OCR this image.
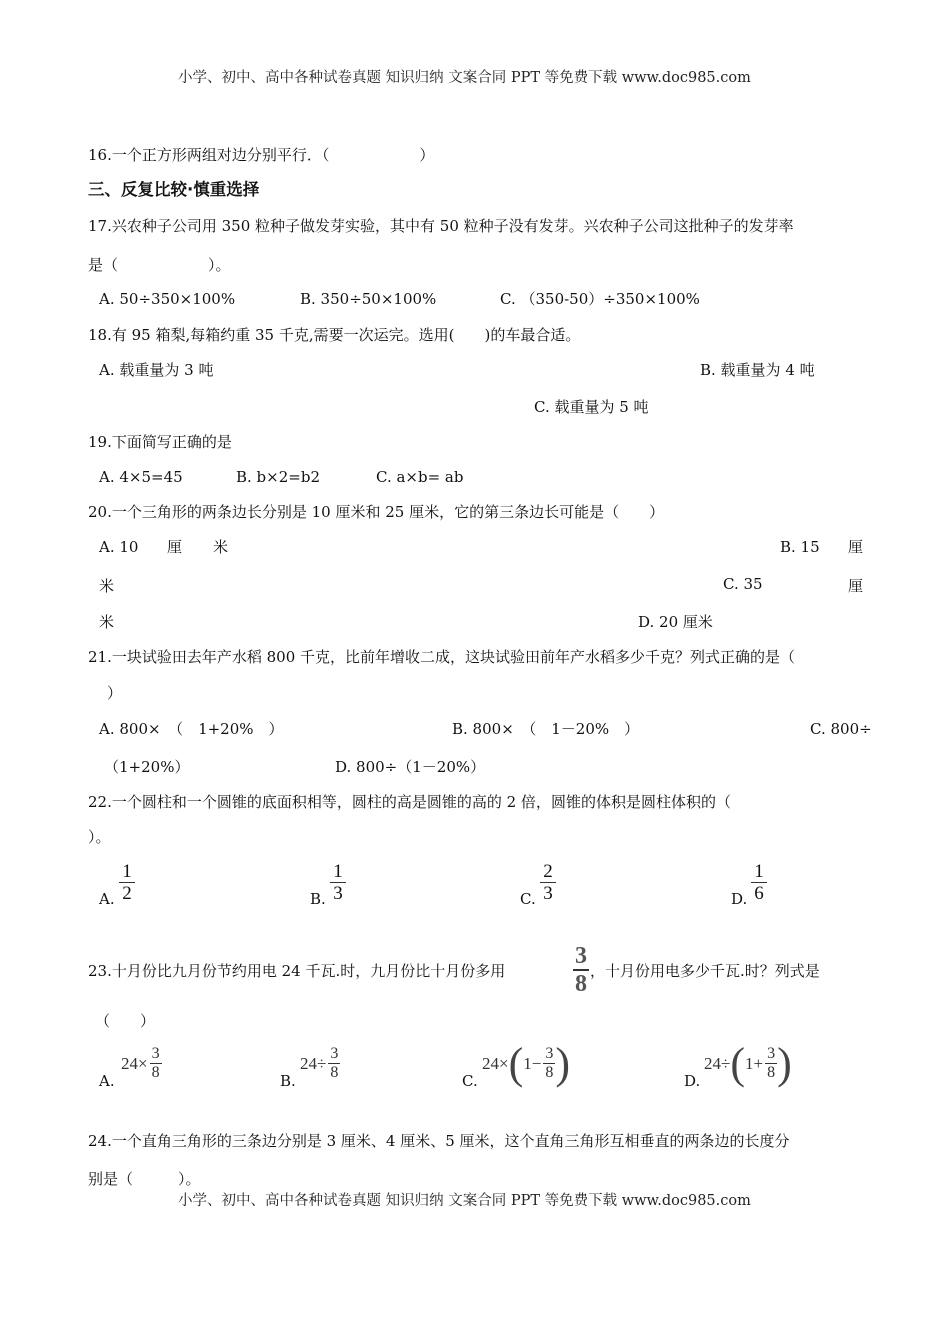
小学、初中、高中各种试卷真题 知识归纳 文案合同 PPT 等免费下载 www.doc985.com
16.一个正方形两组对边分别平行．（　　　　　　）
三、反复比较·慎重选择
17.兴农种子公司用 350 粒种子做发芽实验，其中有 50 粒种子没有发芽。兴农种子公司这批种子的发芽率
是（　　　　　　）。
A. 50÷350×100%	B. 350÷50×100%	C. （350-50）÷350×100%
18.有 95 箱梨,每箱约重 35 千克,需要一次运完。选用(　　)的车最合适。
A. 载重量为 3 吨	B. 载重量为 4 吨
C. 载重量为 5 吨
19.下面简写正确的是
A. 4×5=45	B. b×2=b2	C. a×b= ab
20.一个三角形的两条边长分别是 10 厘米和 25 厘米，它的第三条边长可能是（　　）
A. 10 厘 米	B. 15 厘
米	C. 35	厘
米	D. 20 厘米
21.一块试验田去年产水稻 800 千克，比前年增收二成，这块试验田前年产水稻多少千克？列式正确的是（
）
A. 800×　（　1+20%　）	B. 800×　（　1－20%　）	C. 800÷
（1+20%）	D. 800÷（1－20%）
22.一个圆柱和一个圆锥的底面积相等，圆柱的高是圆锥的高的 2 倍，圆锥的体积是圆柱体积的（
）。
A.
1
2	B.
1
3	C.
2
3	D.
1
6
23.十月份比九月份节约用电 24 千瓦.时，九月份比十月份多用
3
8 ，十月份用电多少千瓦.时？列式是
（　　）
A.
$24\times \frac{3}{8}$	B.
$24\div \frac{3}{8}$	C.
24× ( $1- \frac{3}{8}$ )	D.
24÷ ( $1+ \frac{3}{8}$ )
24.一个直角三角形的三条边分别是 3 厘米、4 厘米、5 厘米，这个直角三角形互相垂直的两条边的长度分
别是（　　　）。
小学、初中、高中各种试卷真题 知识归纳 文案合同 PPT 等免费下载 www.doc985.com
